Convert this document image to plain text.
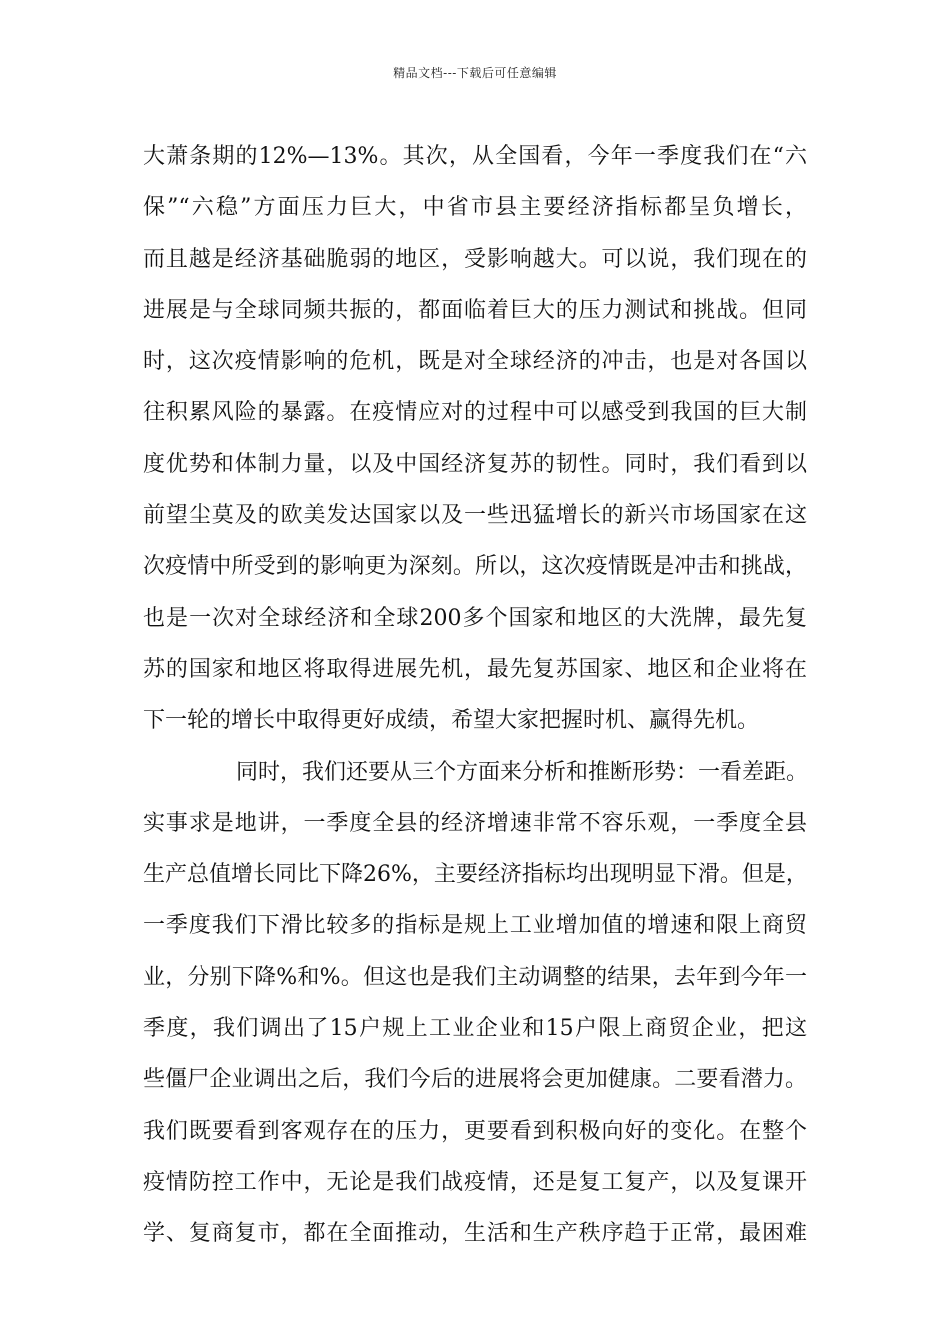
精品文档---下载后可任意编辑
大萧条期的12%—13%。其次，从全国看，今年一季度我们在“六
保”“六稳”方面压力巨大，中省市县主要经济指标都呈负增长，
而且越是经济基础脆弱的地区，受影响越大。可以说，我们现在的
进展是与全球同频共振的，都面临着巨大的压力测试和挑战。但同
时，这次疫情影响的危机，既是对全球经济的冲击，也是对各国以
往积累风险的暴露。在疫情应对的过程中可以感受到我国的巨大制
度优势和体制力量，以及中国经济复苏的韧性。同时，我们看到以
前望尘莫及的欧美发达国家以及一些迅猛增长的新兴市场国家在这
次疫情中所受到的影响更为深刻。所以，这次疫情既是冲击和挑战，
也是一次对全球经济和全球200多个国家和地区的大洗牌，最先复
苏的国家和地区将取得进展先机，最先复苏国家、地区和企业将在
下一轮的增长中取得更好成绩，希望大家把握时机、赢得先机。
同时，我们还要从三个方面来分析和推断形势：一看差距。
实事求是地讲，一季度全县的经济增速非常不容乐观，一季度全县
生产总值增长同比下降26%，主要经济指标均出现明显下滑。但是，
一季度我们下滑比较多的指标是规上工业增加值的增速和限上商贸
业，分别下降%和%。但这也是我们主动调整的结果，去年到今年一
季度，我们调出了15户规上工业企业和15户限上商贸企业，把这
些僵尸企业调出之后，我们今后的进展将会更加健康。二要看潜力。
我们既要看到客观存在的压力，更要看到积极向好的变化。在整个
疫情防控工作中，无论是我们战疫情，还是复工复产，以及复课开
学、复商复市，都在全面推动，生活和生产秩序趋于正常，最困难
